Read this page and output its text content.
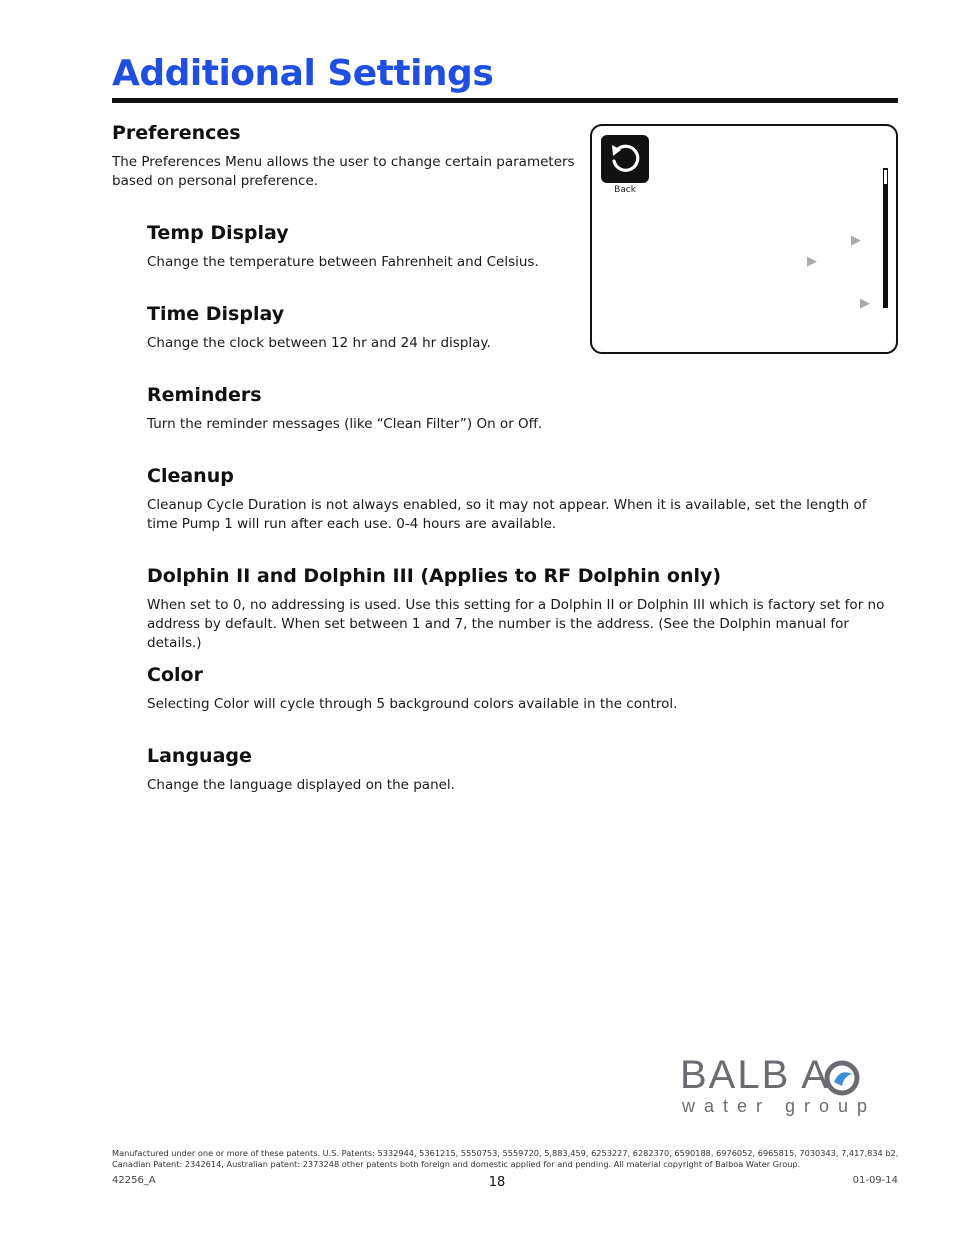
Additional Settings
Preferences

The Preferences Menu allows the user to change certain parameters based on personal preference.

Temp Display

Change the temperature between Fahrenheit and Celsius.

Time Display

Change the clock between 12 hr and 24 hr display.

Reminders

Turn the reminder messages (like “Clean Filter”) On or Off.

Cleanup

Cleanup Cycle Duration is not always enabled, so it may not appear. When it is available, set the length of time Pump 1 will run after each use. 0-4 hours are available.

Dolphin II and Dolphin III (Applies to RF Dolphin only)

When set to 0, no addressing is used. Use this setting for a Dolphin II or Dolphin III which is factory set for no address by default. When set between 1 and 7, the number is the address. (See the Dolphin manual for details.)

Color

Selecting Color will cycle through 5 background colors available in the control.

Language

Change the language displayed on the panel.

Back
▶
▶
▶
BALB A
water group

Manufactured under one or more of these patents. U.S. Patents: 5332944, 5361215, 5550753, 5559720, 5,883,459, 6253227, 6282370, 6590188, 6976052, 6965815, 7030343, 7,417,834 b2, Canadian Patent: 2342614, Australian patent: 2373248 other patents both foreign and domestic applied for and pending. All material copyright of Balboa Water Group.

42256_A	18	01-09-14
